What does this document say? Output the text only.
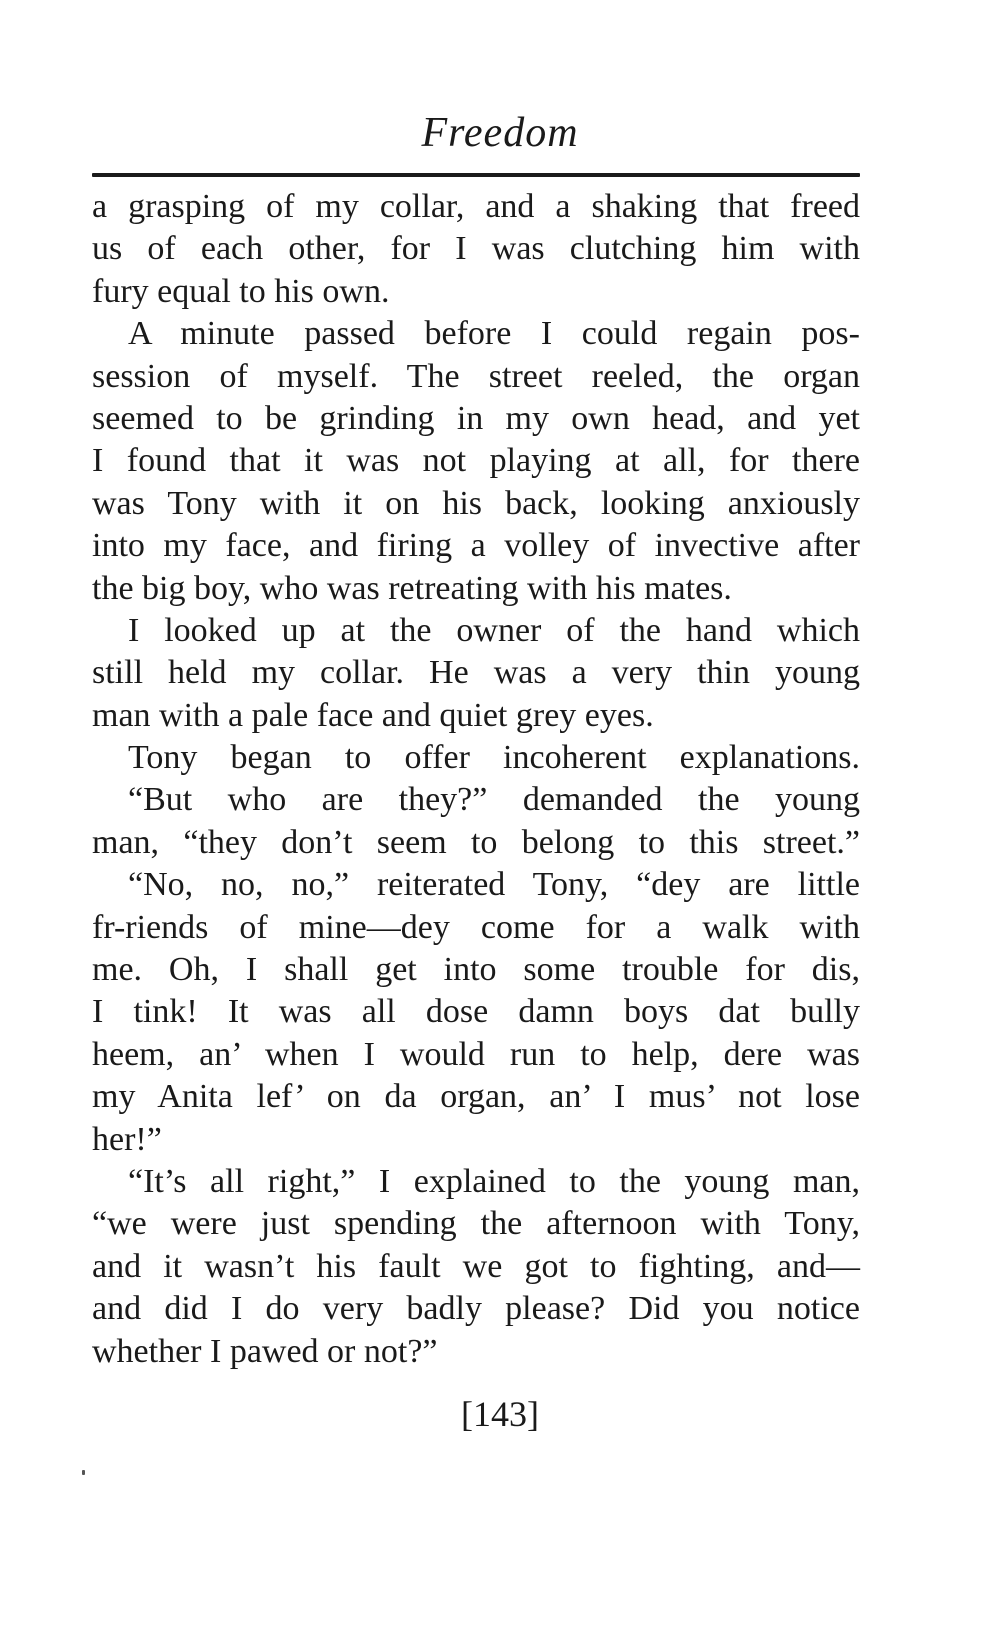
Freedom
a grasping of my collar, and a shaking that freed
us of each other, for I was clutching him with
fury equal to his own.
A minute passed before I could regain pos-
session of myself. The street reeled, the organ
seemed to be grinding in my own head, and yet
I found that it was not playing at all, for there
was Tony with it on his back, looking anxiously
into my face, and firing a volley of invective after
the big boy, who was retreating with his mates.
I looked up at the owner of the hand which
still held my collar. He was a very thin young
man with a pale face and quiet grey eyes.
Tony began to offer incoherent explanations.
“But who are they?” demanded the young
man, “they don’t seem to belong to this street.”
“No, no, no,” reiterated Tony, “dey are little
fr-riends of mine—dey come for a walk with
me. Oh, I shall get into some trouble for dis,
I tink! It was all dose damn boys dat bully
heem, an’ when I would run to help, dere was
my Anita lef’ on da organ, an’ I mus’ not lose
her!”
“It’s all right,” I explained to the young man,
“we were just spending the afternoon with Tony,
and it wasn’t his fault we got to fighting, and—
and did I do very badly please? Did you notice
whether I pawed or not?”
[143]
